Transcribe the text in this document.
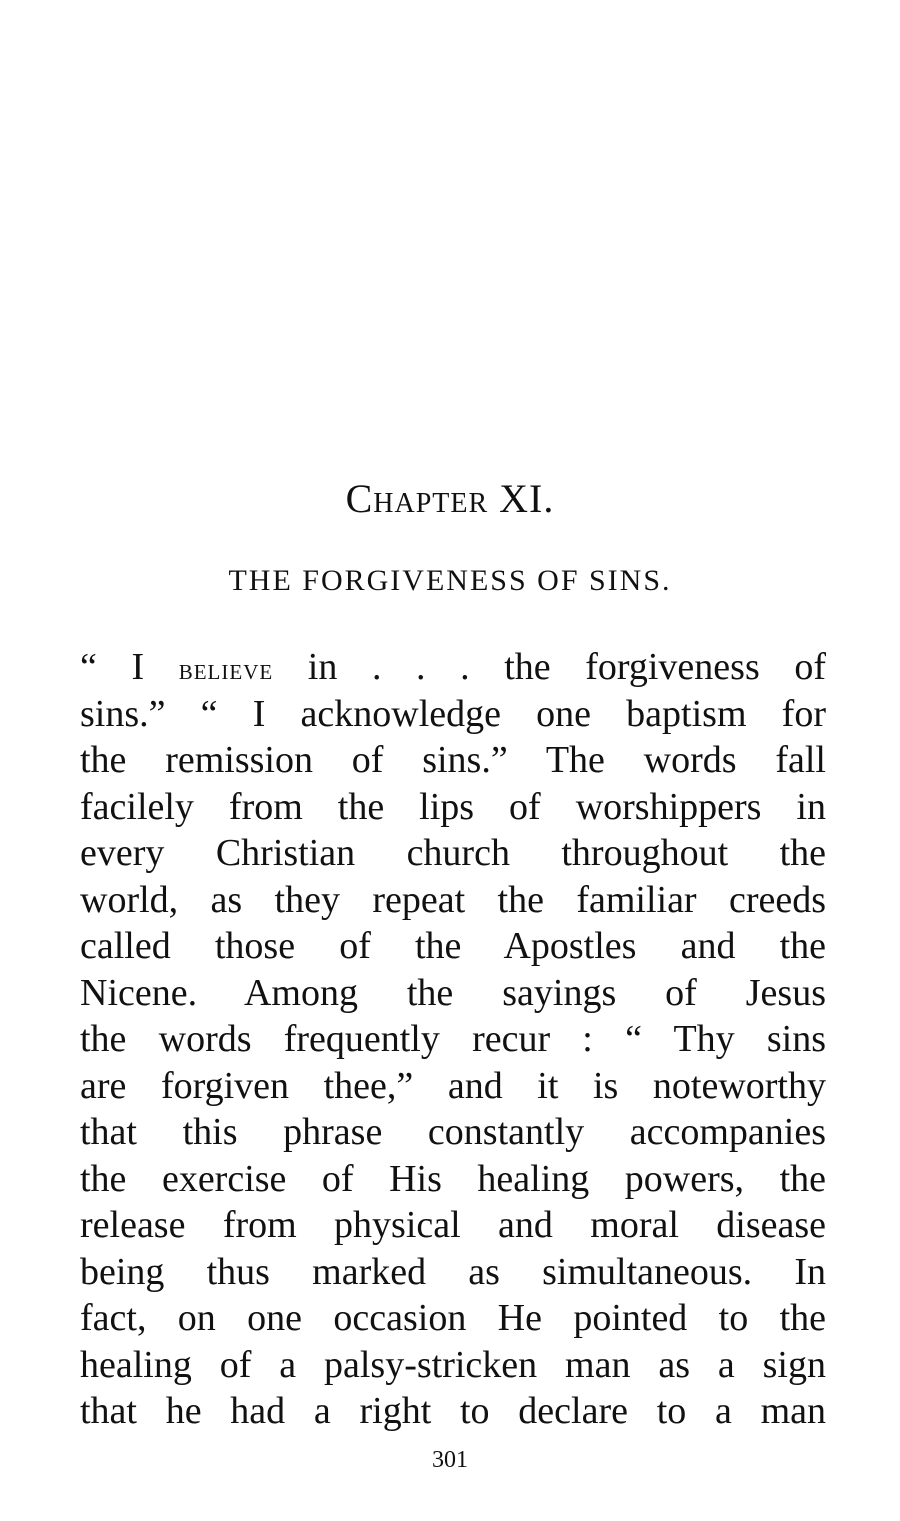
Chapter XI.
THE FORGIVENESS OF SINS.
“ I believe in . . . the forgiveness of
sins.” “ I acknowledge one baptism for
the remission of sins.” The words fall
facilely from the lips of worshippers in
every Christian church throughout the
world, as they repeat the familiar creeds
called those of the Apostles and the
Nicene. Among the sayings of Jesus
the words frequently recur : “ Thy sins
are forgiven thee,” and it is noteworthy
that this phrase constantly accompanies
the exercise of His healing powers, the
release from physical and moral disease
being thus marked as simultaneous. In
fact, on one occasion He pointed to the
healing of a palsy-stricken man as a sign
that he had a right to declare to a man
301
